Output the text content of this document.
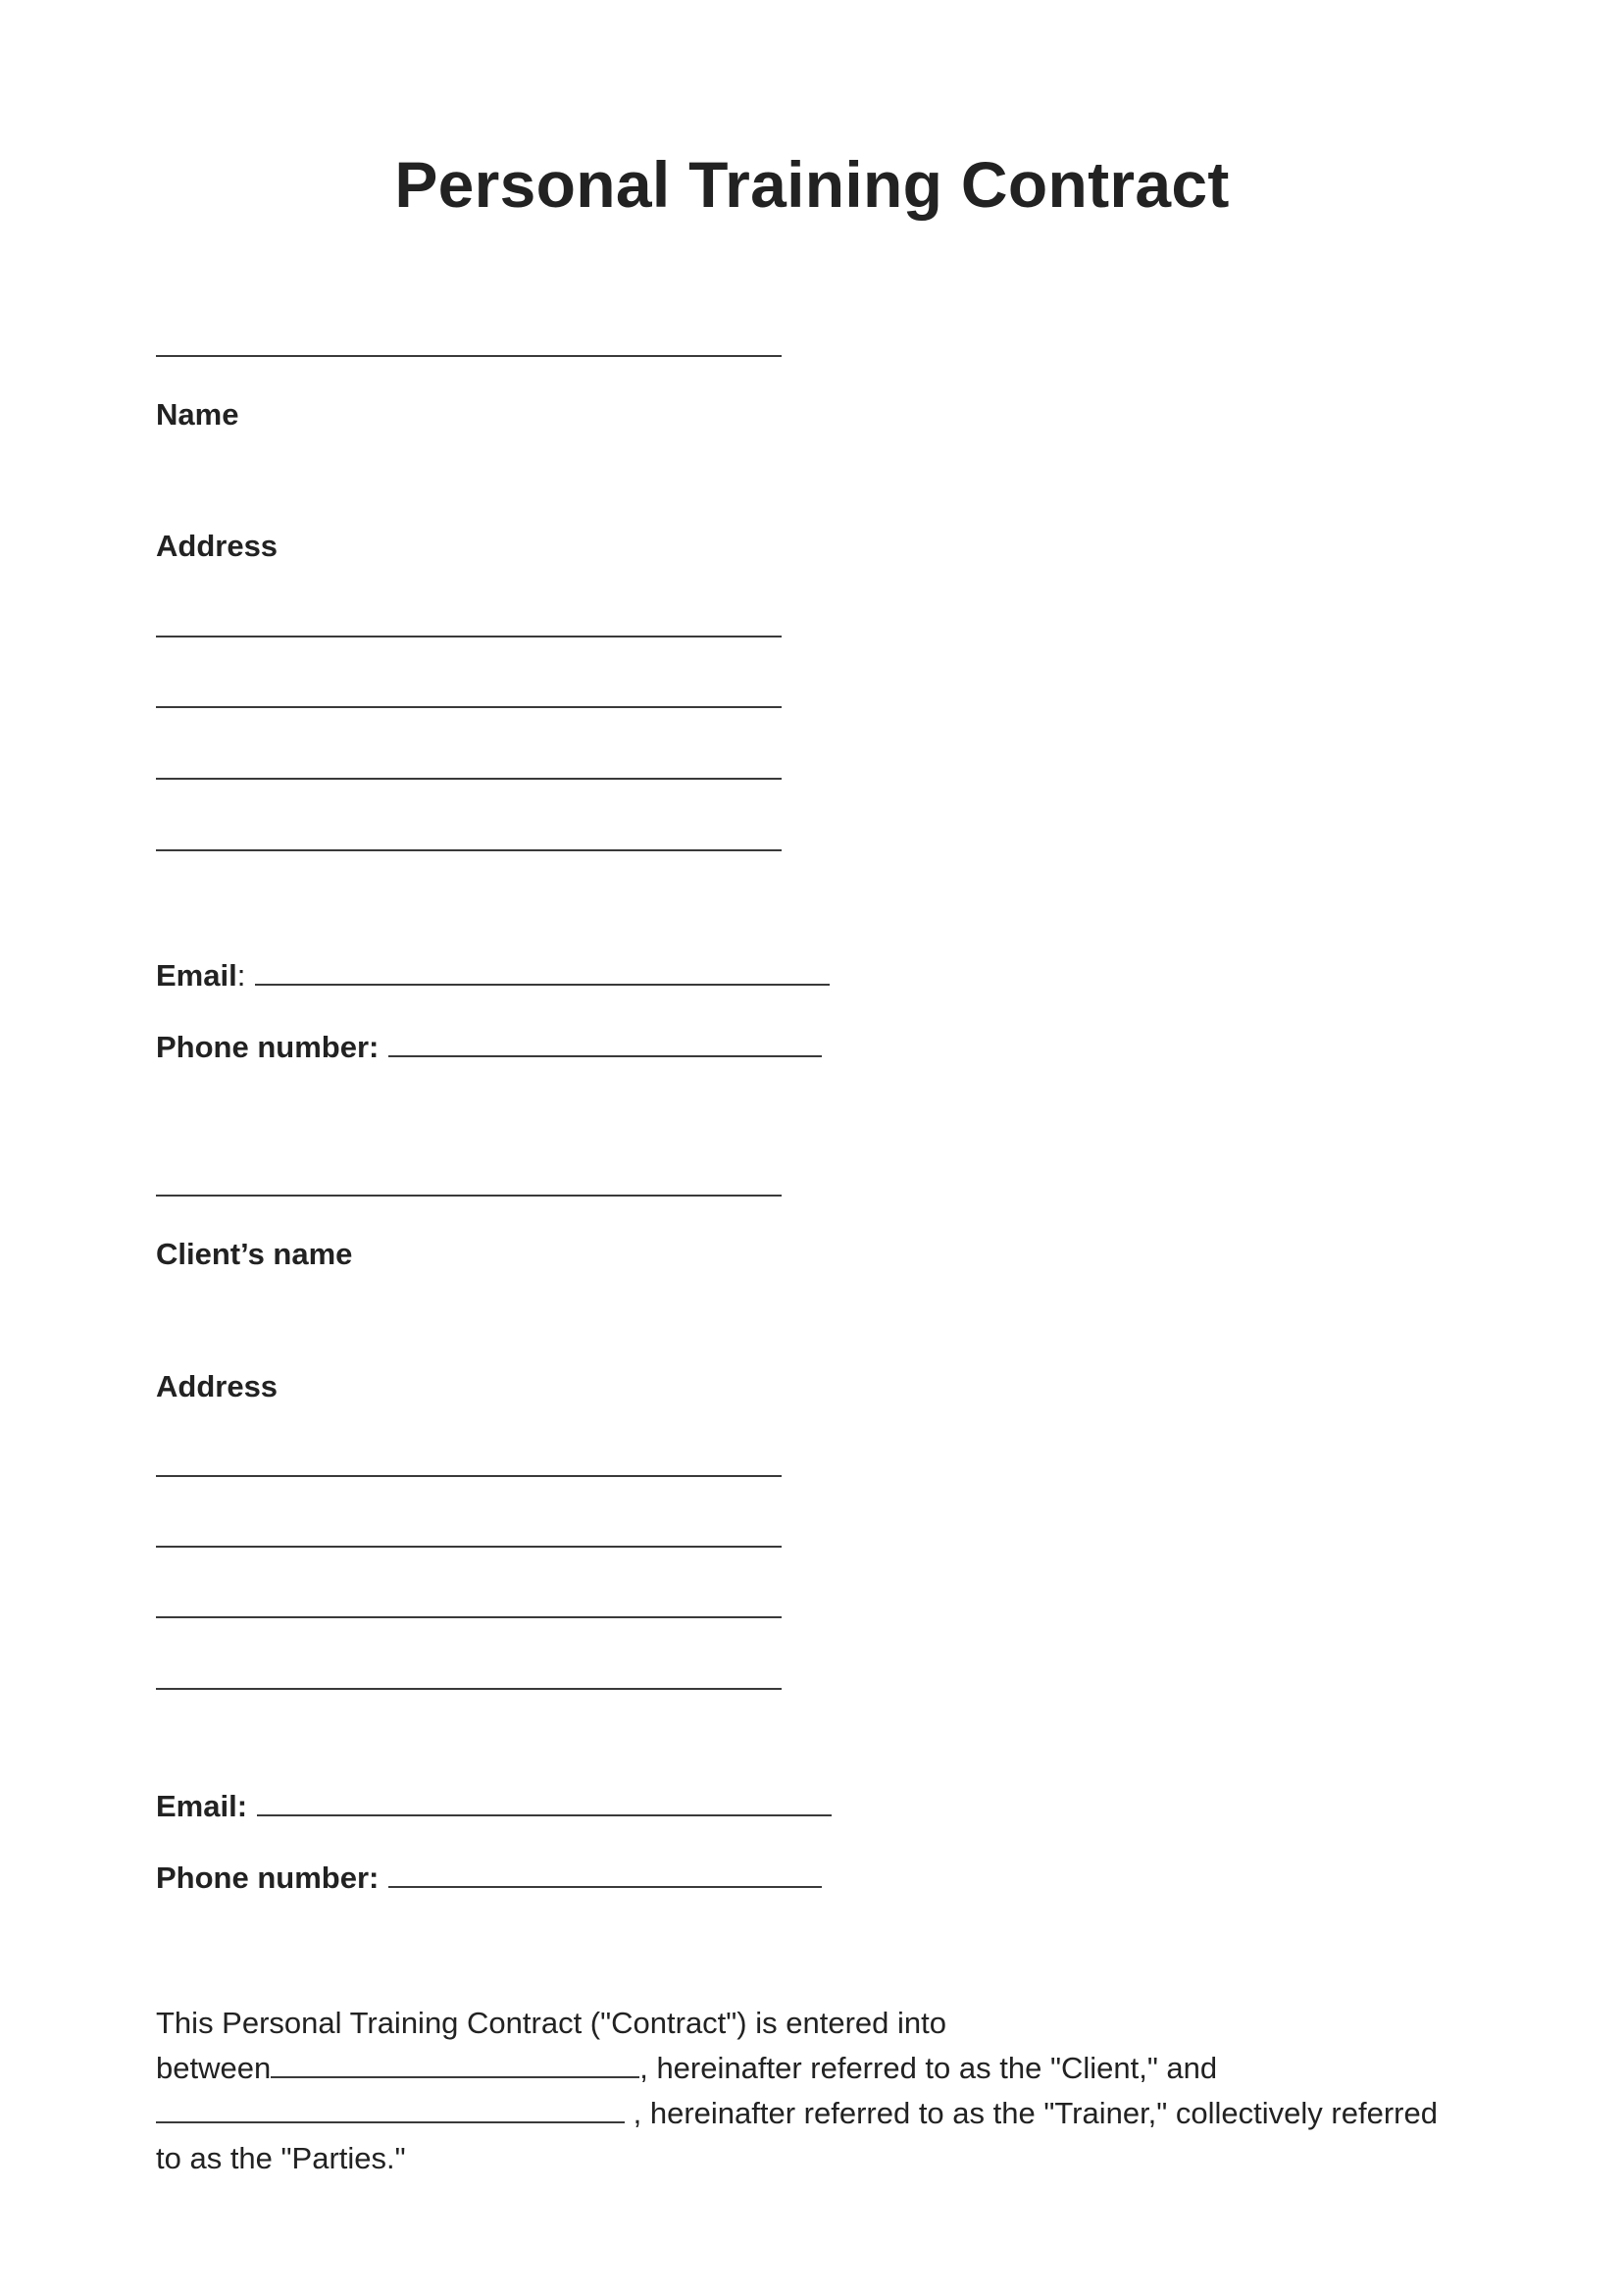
Personal Training Contract
Name
Address
Email:
Phone number:
Client’s name
Address
Email:
Phone number:
This Personal Training Contract ("Contract") is entered into
between	, hereinafter referred to as the "Client," and
, hereinafter referred to as the "Trainer," collectively referred
to as the "Parties."
